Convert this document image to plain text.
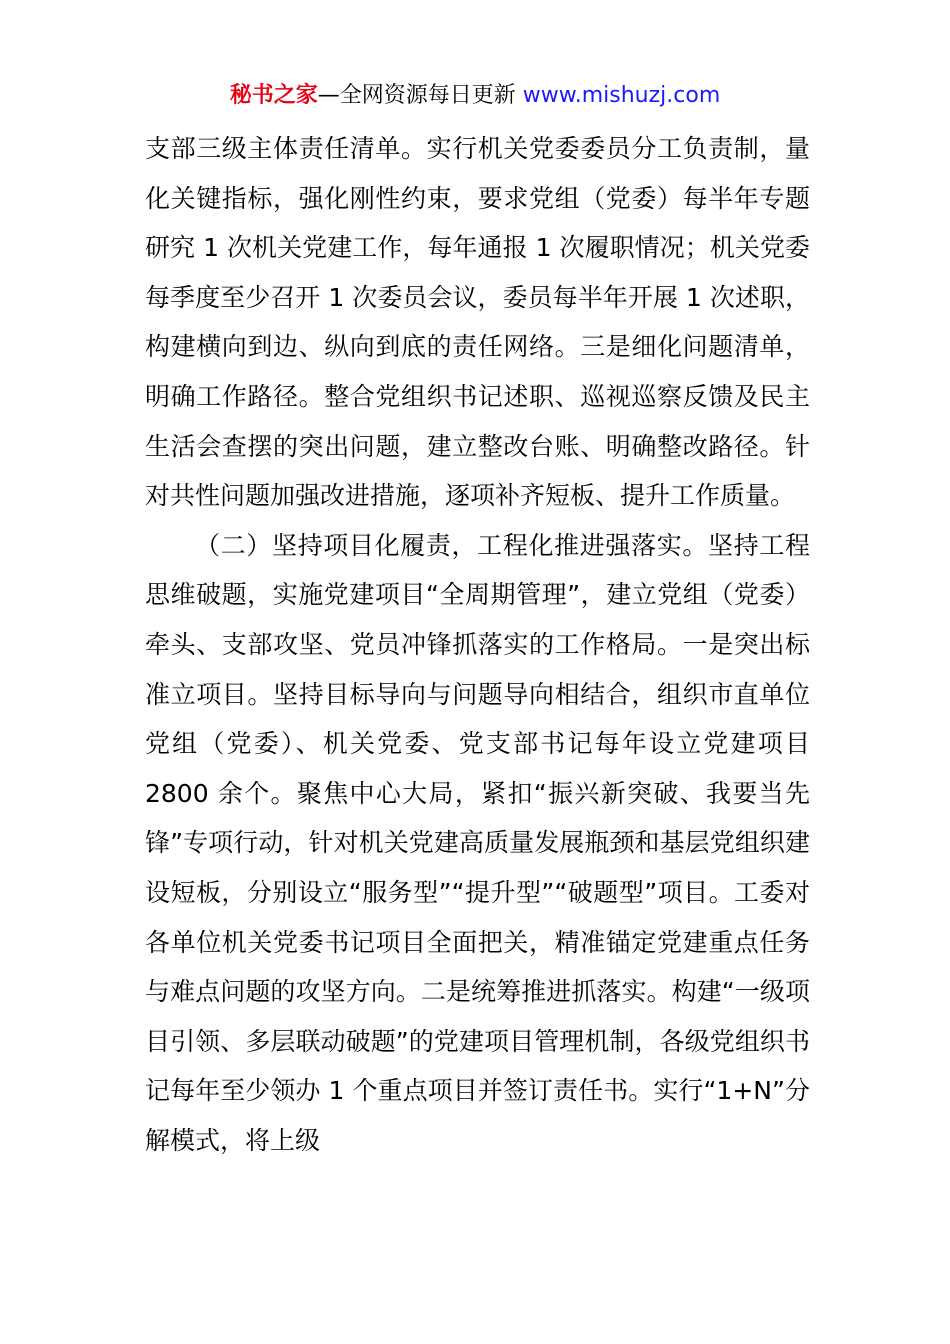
秘书之家—全网资源每日更新 www.mishuzj.com

支部三级主体责任清单。实行机关党委委员分工负责制，量化关键指标，强化刚性约束，要求党组（党委）每半年专题研究 1 次机关党建工作，每年通报 1 次履职情况；机关党委每季度至少召开 1 次委员会议，委员每半年开展 1 次述职，构建横向到边、纵向到底的责任网络。三是细化问题清单，明确工作路径。整合党组织书记述职、巡视巡察反馈及民主生活会查摆的突出问题，建立整改台账、明确整改路径。针对共性问题加强改进措施，逐项补齐短板、提升工作质量。

（二）坚持项目化履责，工程化推进强落实。坚持工程思维破题，实施党建项目“全周期管理”，建立党组（党委）牵头、支部攻坚、党员冲锋抓落实的工作格局。一是突出标准立项目。坚持目标导向与问题导向相结合，组织市直单位党组（党委）、机关党委、党支部书记每年设立党建项目 2800 余个。聚焦中心大局，紧扣“振兴新突破、我要当先锋”专项行动，针对机关党建高质量发展瓶颈和基层党组织建设短板，分别设立“服务型”“提升型”“破题型”项目。工委对各单位机关党委书记项目全面把关，精准锚定党建重点任务与难点问题的攻坚方向。二是统筹推进抓落实。构建“一级项目引领、多层联动破题”的党建项目管理机制，各级党组织书记每年至少领办 1 个重点项目并签订责任书。实行“1+N”分解模式，将上级
